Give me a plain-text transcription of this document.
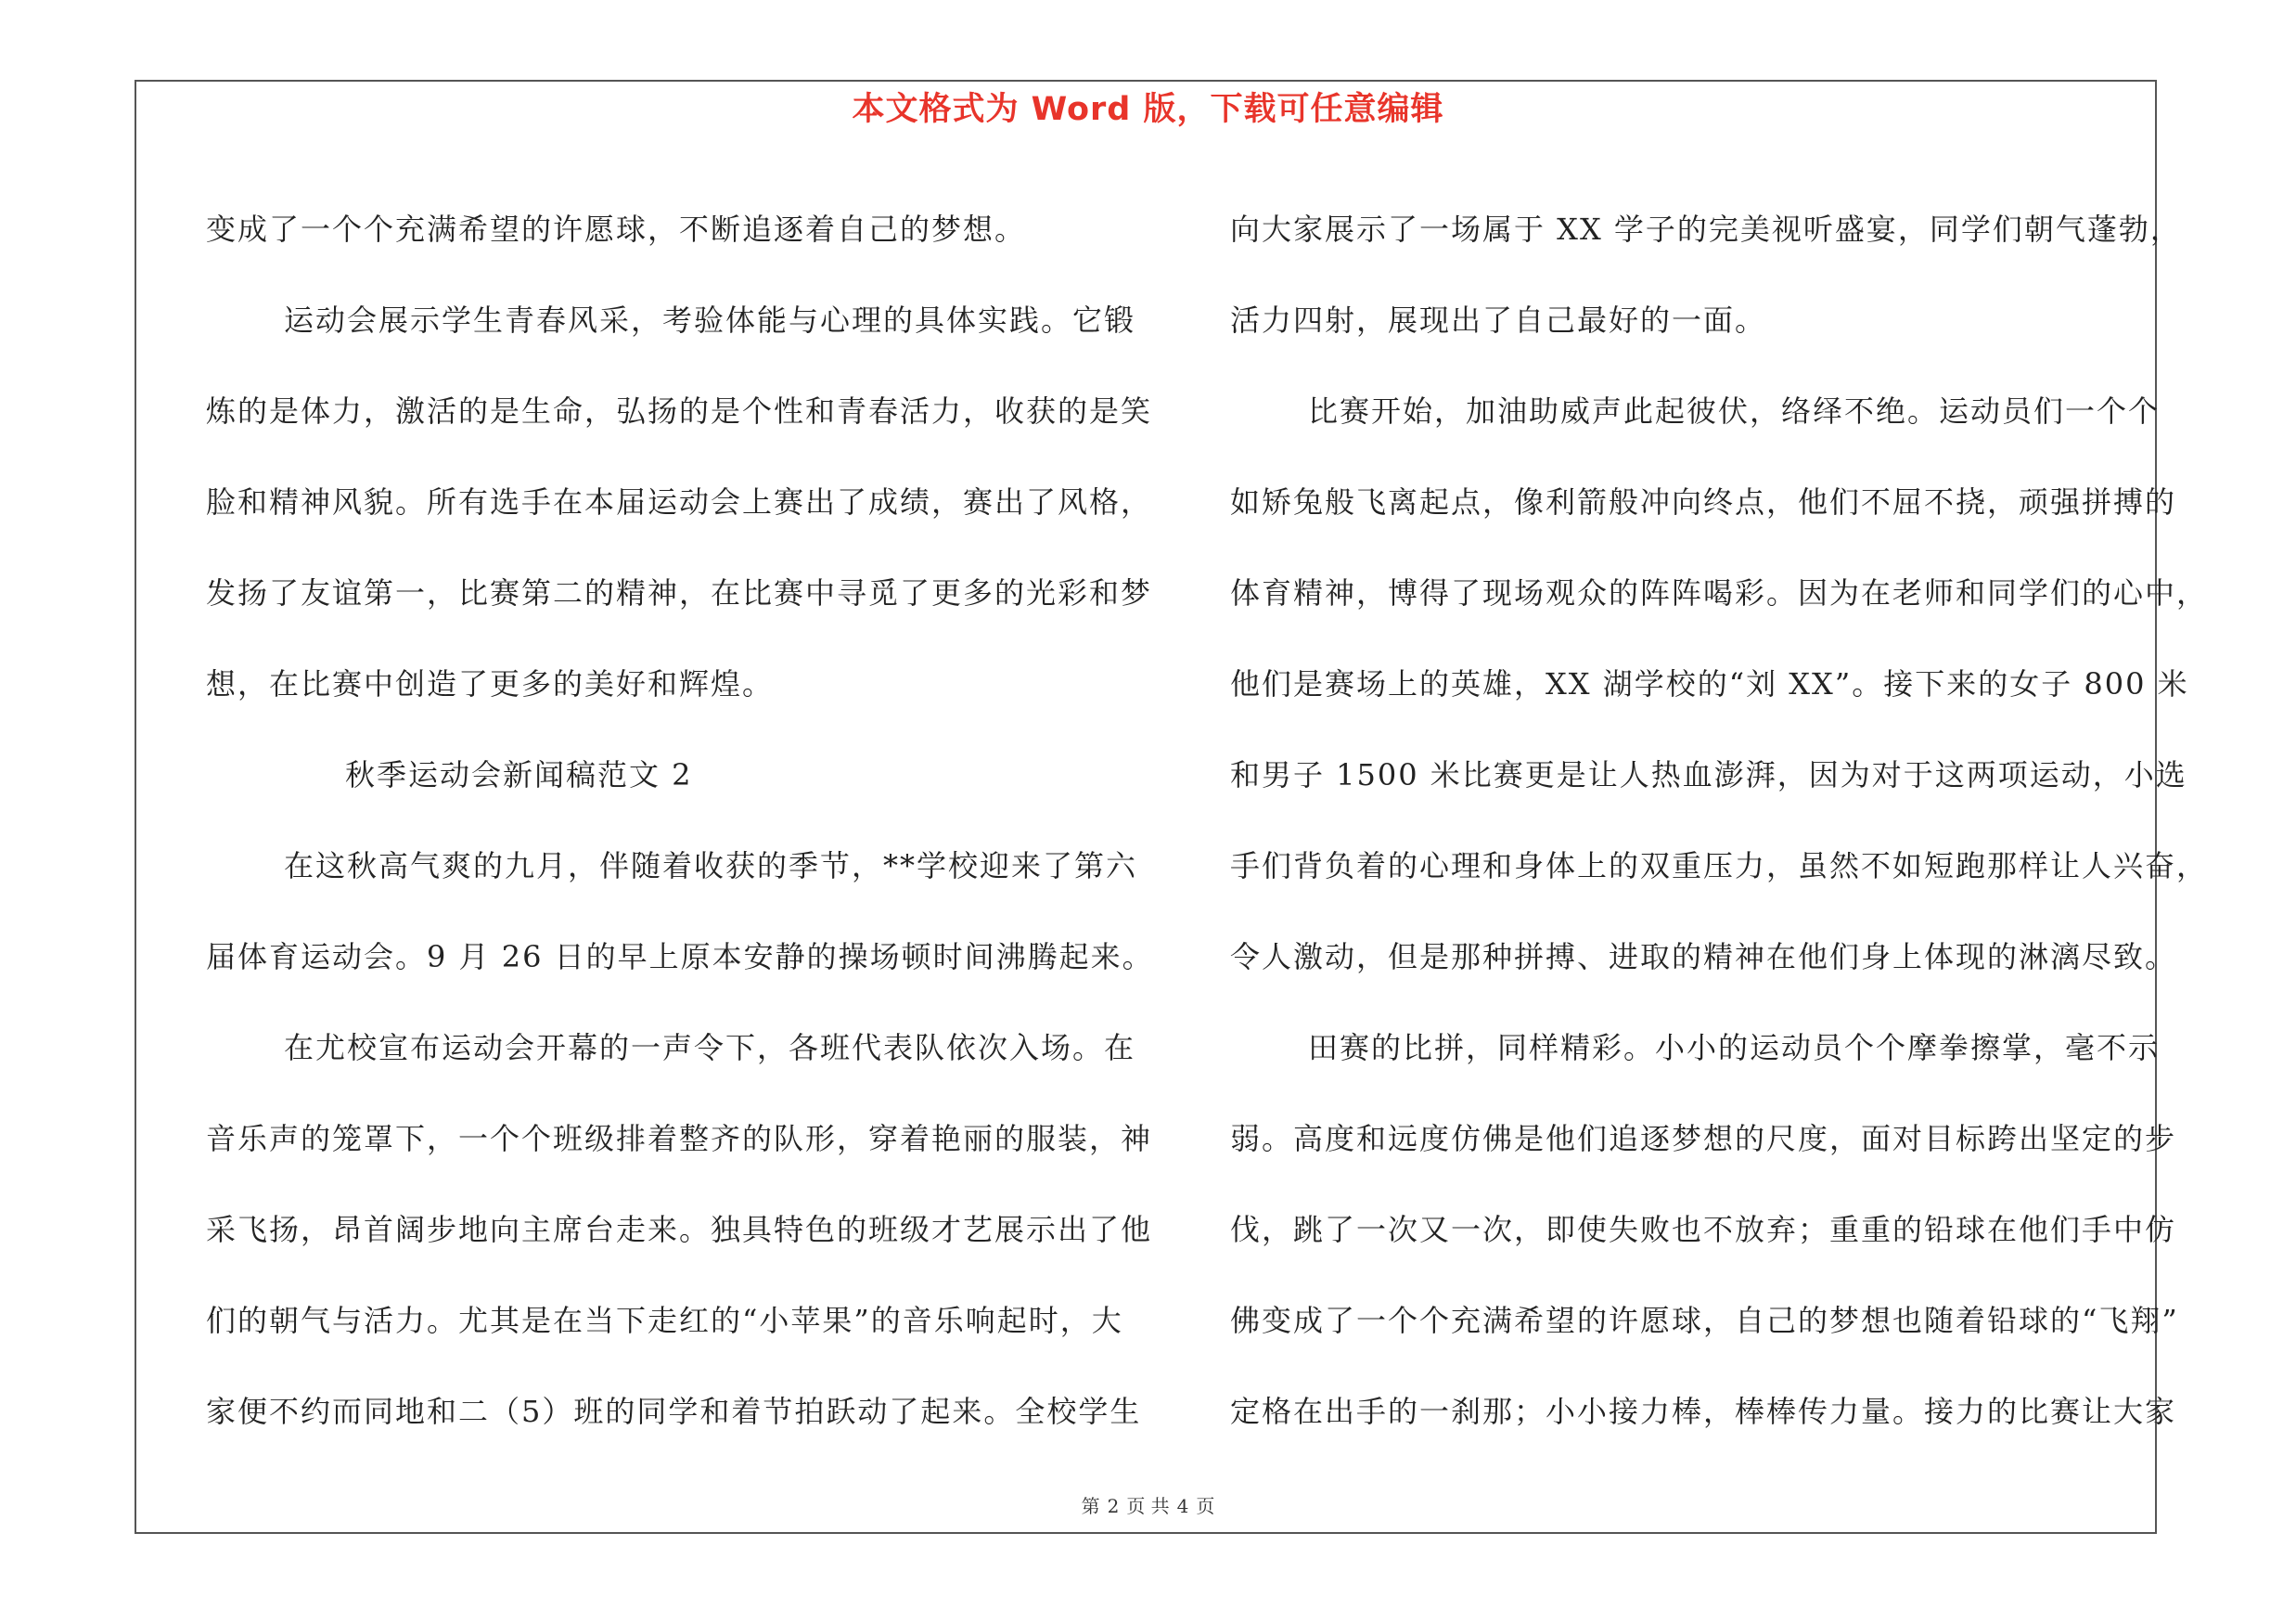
本文格式为 Word 版，下载可任意编辑
变成了一个个充满希望的许愿球，不断追逐着自己的梦想。
运动会展示学生青春风采，考验体能与心理的具体实践。它锻
炼的是体力，激活的是生命，弘扬的是个性和青春活力，收获的是笑
脸和精神风貌。所有选手在本届运动会上赛出了成绩，赛出了风格，
发扬了友谊第一，比赛第二的精神，在比赛中寻觅了更多的光彩和梦
想，在比赛中创造了更多的美好和辉煌。
秋季运动会新闻稿范文 2
在这秋高气爽的九月，伴随着收获的季节，**学校迎来了第六
届体育运动会。9 月 26 日的早上原本安静的操场顿时间沸腾起来。
在尤校宣布运动会开幕的一声令下，各班代表队依次入场。在
音乐声的笼罩下，一个个班级排着整齐的队形，穿着艳丽的服装，神
采飞扬，昂首阔步地向主席台走来。独具特色的班级才艺展示出了他
们的朝气与活力。尤其是在当下走红的“小苹果”的音乐响起时，大
家便不约而同地和二（5）班的同学和着节拍跃动了起来。全校学生
向大家展示了一场属于 XX 学子的完美视听盛宴，同学们朝气蓬勃，
活力四射，展现出了自己最好的一面。
比赛开始，加油助威声此起彼伏，络绎不绝。运动员们一个个
如矫兔般飞离起点，像利箭般冲向终点，他们不屈不挠，顽强拼搏的
体育精神，博得了现场观众的阵阵喝彩。因为在老师和同学们的心中，
他们是赛场上的英雄，XX 湖学校的“刘 XX”。接下来的女子 800 米
和男子 1500 米比赛更是让人热血澎湃，因为对于这两项运动，小选
手们背负着的心理和身体上的双重压力，虽然不如短跑那样让人兴奋，
令人激动，但是那种拼搏、进取的精神在他们身上体现的淋漓尽致。
田赛的比拼，同样精彩。小小的运动员个个摩拳擦掌，毫不示
弱。高度和远度仿佛是他们追逐梦想的尺度，面对目标跨出坚定的步
伐，跳了一次又一次，即使失败也不放弃；重重的铅球在他们手中仿
佛变成了一个个充满希望的许愿球，自己的梦想也随着铅球的“飞翔”
定格在出手的一刹那；小小接力棒，棒棒传力量。接力的比赛让大家
第 2 页 共 4 页
